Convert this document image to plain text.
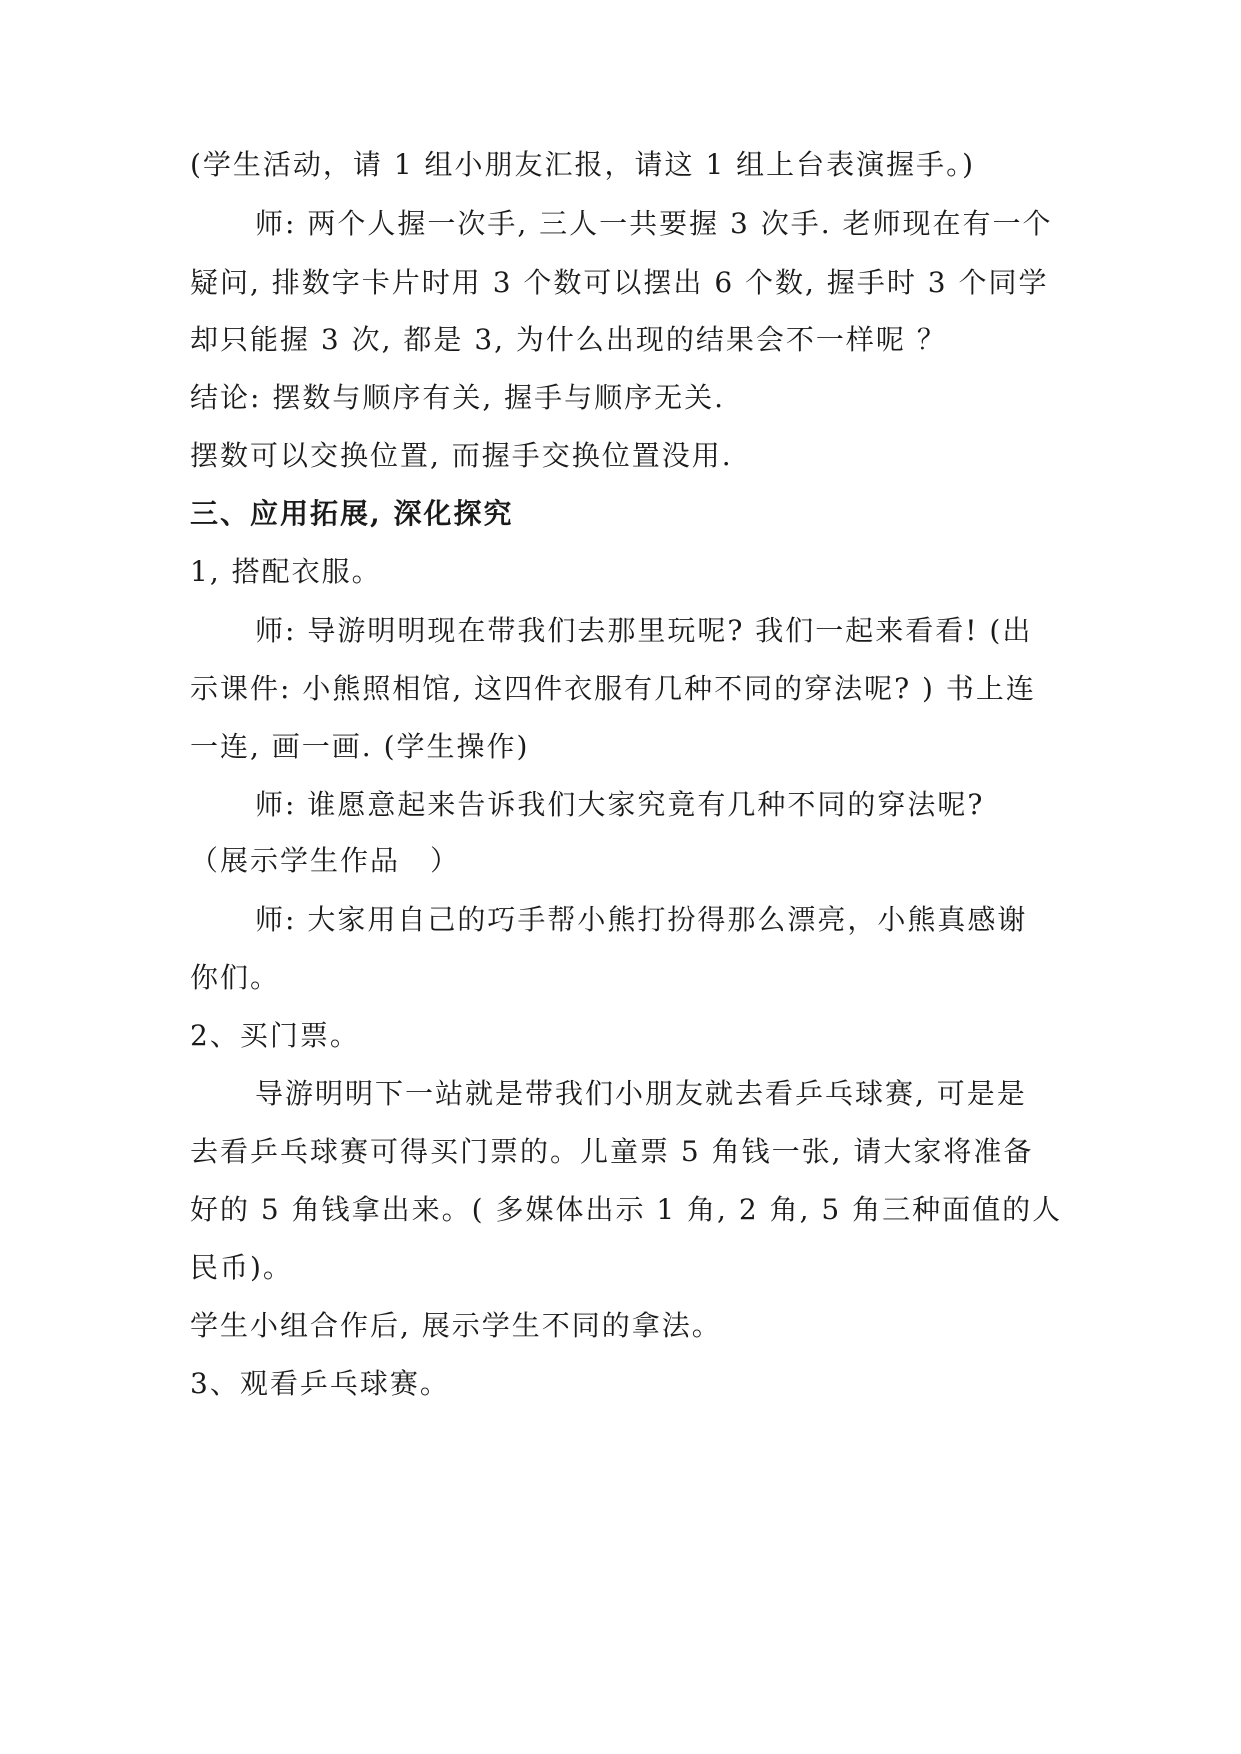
(学生活动，请 1 组小朋友汇报，请这 1 组上台表演握手。)

师: 两个人握一次手, 三人一共要握 3 次手. 老师现在有一个

疑问, 排数字卡片时用 3 个数可以摆出 6 个数, 握手时 3 个同学

却只能握 3 次, 都是 3, 为什么出现的结果会不一样呢 ？

结论: 摆数与顺序有关, 握手与顺序无关.

摆数可以交换位置, 而握手交换位置没用.

三、应用拓展, 深化探究

1, 搭配衣服。

师: 导游明明现在带我们去那里玩呢? 我们一起来看看! (出

示课件: 小熊照相馆, 这四件衣服有几种不同的穿法呢? ) 书上连

一连, 画一画. (学生操作)

师: 谁愿意起来告诉我们大家究竟有几种不同的穿法呢?

（展示学生作品　）

师: 大家用自己的巧手帮小熊打扮得那么漂亮，小熊真感谢

你们。

2、买门票。

导游明明下一站就是带我们小朋友就去看乒乓球赛, 可是是

去看乒乓球赛可得买门票的。儿童票 5 角钱一张, 请大家将准备

好的 5 角钱拿出来。( 多媒体出示 1 角, 2 角, 5 角三种面值的人

民币)。

学生小组合作后, 展示学生不同的拿法。

3、观看乒乓球赛。
